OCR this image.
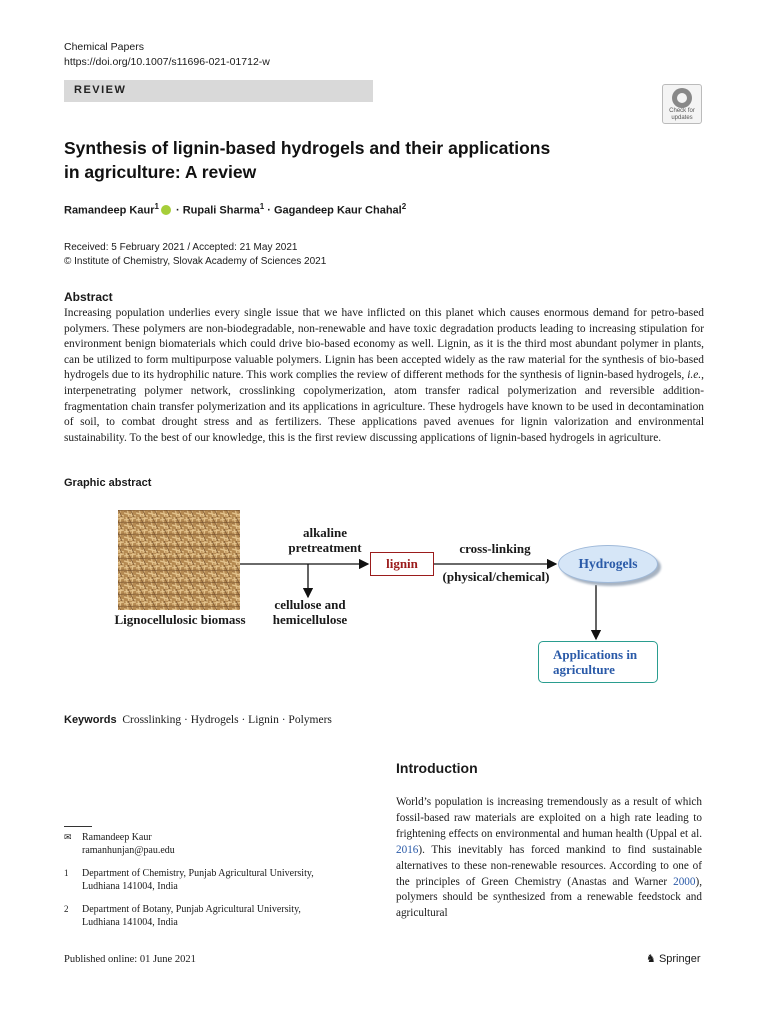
Chemical Papers
https://doi.org/10.1007/s11696-021-01712-w
REVIEW
Check for
updates
Synthesis of lignin-based hydrogels and their applications
in agriculture: A review
Ramandeep Kaur$^1$ · Rupali Sharma$^1$ · Gagandeep Kaur Chahal$^2$
Received: 5 February 2021 / Accepted: 21 May 2021
© Institute of Chemistry, Slovak Academy of Sciences 2021
Abstract

Increasing population underlies every single issue that we have inflicted on this planet which causes enormous demand for petro-based polymers. These polymers are non-biodegradable, non-renewable and have toxic degradation products leading to increasing stipulation for environment benign biomaterials which could drive bio-based economy as well. Lignin, as it is the third most abundant polymer in plants, can be utilized to form multipurpose valuable polymers. Lignin has been accepted widely as the raw material for the synthesis of bio-based hydrogels due to its hydrophilic nature. This work complies the review of different methods for the synthesis of lignin-based hydrogels, i.e., interpenetrating polymer network, crosslinking copolymerization, atom transfer radical polymerization and reversible addition-fragmentation chain transfer polymerization and its applications in agriculture. These hydrogels have known to be used in decontamination of soil, to combat drought stress and as fertilizers. These applications paved avenues for lignin valorization and environmental sustainability. To the best of our knowledge, this is the first review discussing applications of lignin-based hydrogels in agriculture.

Graphic abstract
Lignocellulosic biomass
alkaline
pretreatment
lignin
cross-linking
(physical/chemical)
cellulose and
hemicellulose
Hydrogels
Applications in
agriculture
Keywords Crosslinking · Hydrogels · Lignin · Polymers
Introduction

World’s population is increasing tremendously as a result of which fossil-based raw materials are exploited on a high rate leading to frightening effects on environmental and human health (Uppal et al. 2016). This inevitably has forced mankind to find sustainable alternatives to these non-renewable resources. According to one of the principles of Green Chemistry (Anastas and Warner 2000), polymers should be synthesized from a renewable feedstock and agricultural

✉ Ramandeep Kaur
ramanhunjan@pau.edu
1 Department of Chemistry, Punjab Agricultural University,
Ludhiana 141004, India
2 Department of Botany, Punjab Agricultural University,
Ludhiana 141004, India
Published online: 01 June 2021	♞ Springer
